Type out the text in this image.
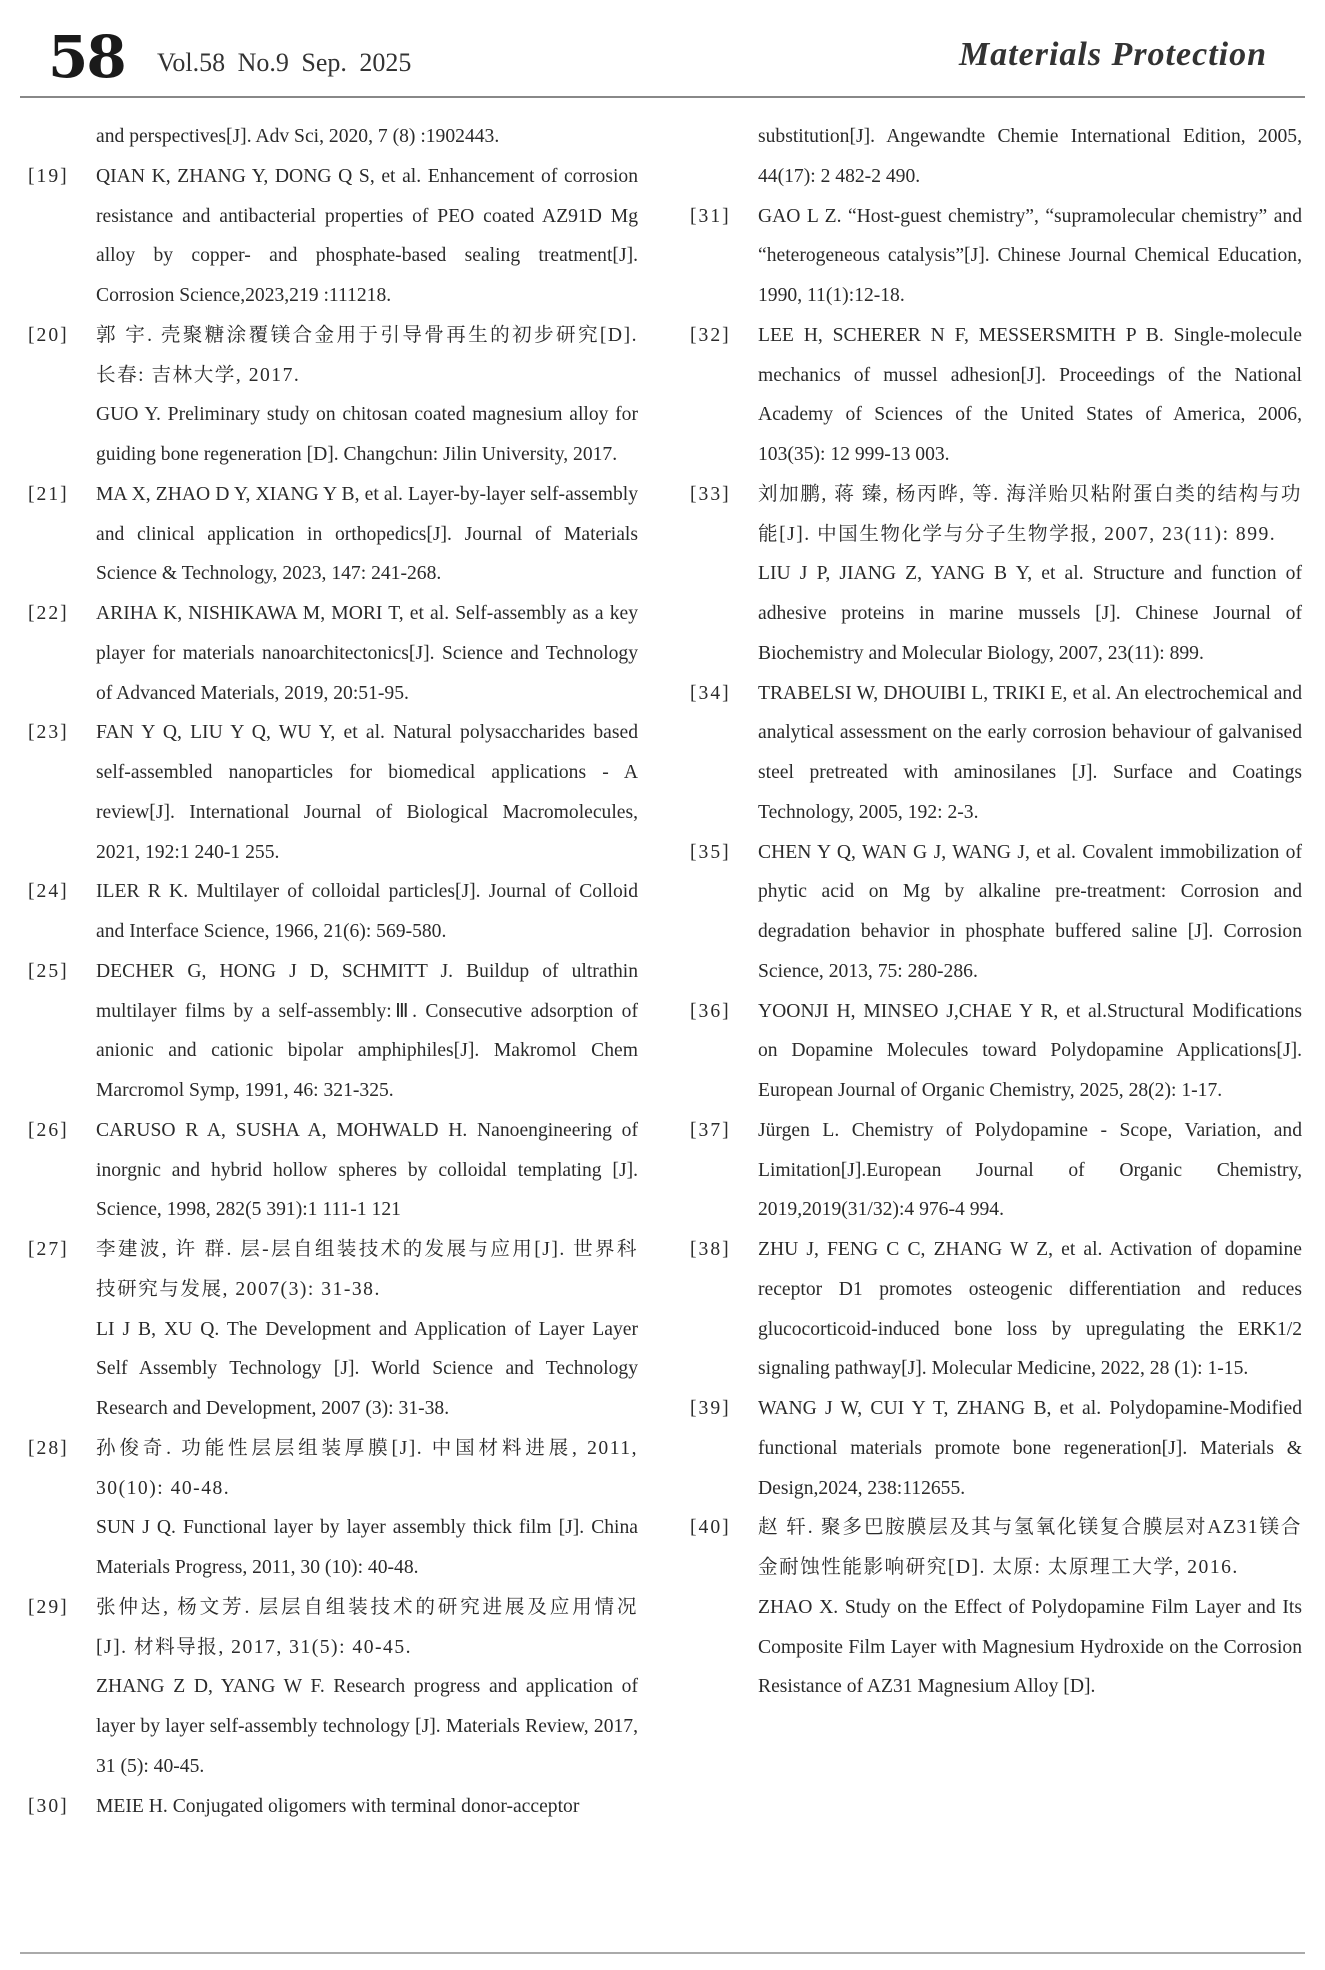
58 Vol.58 No.9 Sep. 2025	Materials Protection
and perspectives[J]. Adv Sci, 2020, 7 (8) :1902443.
[19]	QIAN K, ZHANG Y, DONG Q S, et al. Enhancement of corrosion resistance and antibacterial properties of PEO coated AZ91D Mg alloy by copper- and phosphate-based sealing treatment[J]. Corrosion Science,2023,219 :111218.
[20]	郭 宇. 壳聚糖涂覆镁合金用于引导骨再生的初步研究[D]. 长春: 吉林大学, 2017.
GUO Y. Preliminary study on chitosan coated magnesium alloy for guiding bone regeneration [D]. Changchun: Jilin University, 2017.
[21]	MA X, ZHAO D Y, XIANG Y B, et al. Layer-by-layer self-assembly and clinical application in orthopedics[J]. Journal of Materials Science & Technology, 2023, 147: 241-268.
[22]	ARIHA K, NISHIKAWA M, MORI T, et al. Self-assembly as a key player for materials nanoarchitectonics[J]. Science and Technology of Advanced Materials, 2019, 20:51-95.
[23]	FAN Y Q, LIU Y Q, WU Y, et al. Natural polysaccharides based self-assembled nanoparticles for biomedical applications - A review[J]. International Journal of Biological Macromolecules, 2021, 192:1 240-1 255.
[24]	ILER R K. Multilayer of colloidal particles[J]. Journal of Colloid and Interface Science, 1966, 21(6): 569-580.
[25]	DECHER G, HONG J D, SCHMITT J. Buildup of ultrathin multilayer films by a self-assembly:Ⅲ. Consecutive adsorption of anionic and cationic bipolar amphiphiles[J]. Makromol Chem Marcromol Symp, 1991, 46: 321-325.
[26]	CARUSO R A, SUSHA A, MOHWALD H. Nanoengineering of inorgnic and hybrid hollow spheres by colloidal templating [J]. Science, 1998, 282(5 391):1 111-1 121
[27]	李建波, 许 群. 层-层自组装技术的发展与应用[J]. 世界科技研究与发展, 2007(3): 31-38.
LI J B, XU Q. The Development and Application of Layer Layer Self Assembly Technology [J]. World Science and Technology Research and Development, 2007 (3): 31-38.
[28]	孙俊奇. 功能性层层组装厚膜[J]. 中国材料进展, 2011, 30(10): 40-48.
SUN J Q. Functional layer by layer assembly thick film [J]. China Materials Progress, 2011, 30 (10): 40-48.
[29]	张仲达, 杨文芳. 层层自组装技术的研究进展及应用情况[J]. 材料导报, 2017, 31(5): 40-45.
ZHANG Z D, YANG W F. Research progress and application of layer by layer self-assembly technology [J]. Materials Review, 2017, 31 (5): 40-45.
[30]	MEIE H. Conjugated oligomers with terminal donor-acceptor
substitution[J]. Angewandte Chemie International Edition, 2005, 44(17): 2 482-2 490.
[31]	GAO L Z. “Host-guest chemistry”, “supramolecular chemistry” and “heterogeneous catalysis”[J]. Chinese Journal Chemical Education, 1990, 11(1):12-18.
[32]	LEE H, SCHERER N F, MESSERSMITH P B. Single-molecule mechanics of mussel adhesion[J]. Proceedings of the National Academy of Sciences of the United States of America, 2006, 103(35): 12 999-13 003.
[33]	刘加鹏, 蒋 臻, 杨丙晔, 等. 海洋贻贝粘附蛋白类的结构与功能[J]. 中国生物化学与分子生物学报, 2007, 23(11): 899.
LIU J P, JIANG Z, YANG B Y, et al. Structure and function of adhesive proteins in marine mussels [J]. Chinese Journal of Biochemistry and Molecular Biology, 2007, 23(11): 899.
[34]	TRABELSI W, DHOUIBI L, TRIKI E, et al. An electrochemical and analytical assessment on the early corrosion behaviour of galvanised steel pretreated with aminosilanes [J]. Surface and Coatings Technology, 2005, 192: 2-3.
[35]	CHEN Y Q, WAN G J, WANG J, et al. Covalent immobilization of phytic acid on Mg by alkaline pre-treatment: Corrosion and degradation behavior in phosphate buffered saline [J]. Corrosion Science, 2013, 75: 280-286.
[36]	YOONJI H, MINSEO J,CHAE Y R, et al.Structural Modifications on Dopamine Molecules toward Polydopamine Applications[J]. European Journal of Organic Chemistry, 2025, 28(2): 1-17.
[37]	Jürgen L. Chemistry of Polydopamine - Scope, Variation, and Limitation[J].European Journal of Organic Chemistry, 2019,2019(31/32):4 976-4 994.
[38]	ZHU J, FENG C C, ZHANG W Z, et al. Activation of dopamine receptor D1 promotes osteogenic differentiation and reduces glucocorticoid-induced bone loss by upregulating the ERK1/2 signaling pathway[J]. Molecular Medicine, 2022, 28 (1): 1-15.
[39]	WANG J W, CUI Y T, ZHANG B, et al. Polydopamine-Modified functional materials promote bone regeneration[J]. Materials & Design,2024, 238:112655.
[40]	赵 轩. 聚多巴胺膜层及其与氢氧化镁复合膜层对AZ31镁合金耐蚀性能影响研究[D]. 太原: 太原理工大学, 2016.
ZHAO X. Study on the Effect of Polydopamine Film Layer and Its Composite Film Layer with Magnesium Hydroxide on the Corrosion Resistance of AZ31 Magnesium Alloy [D].
